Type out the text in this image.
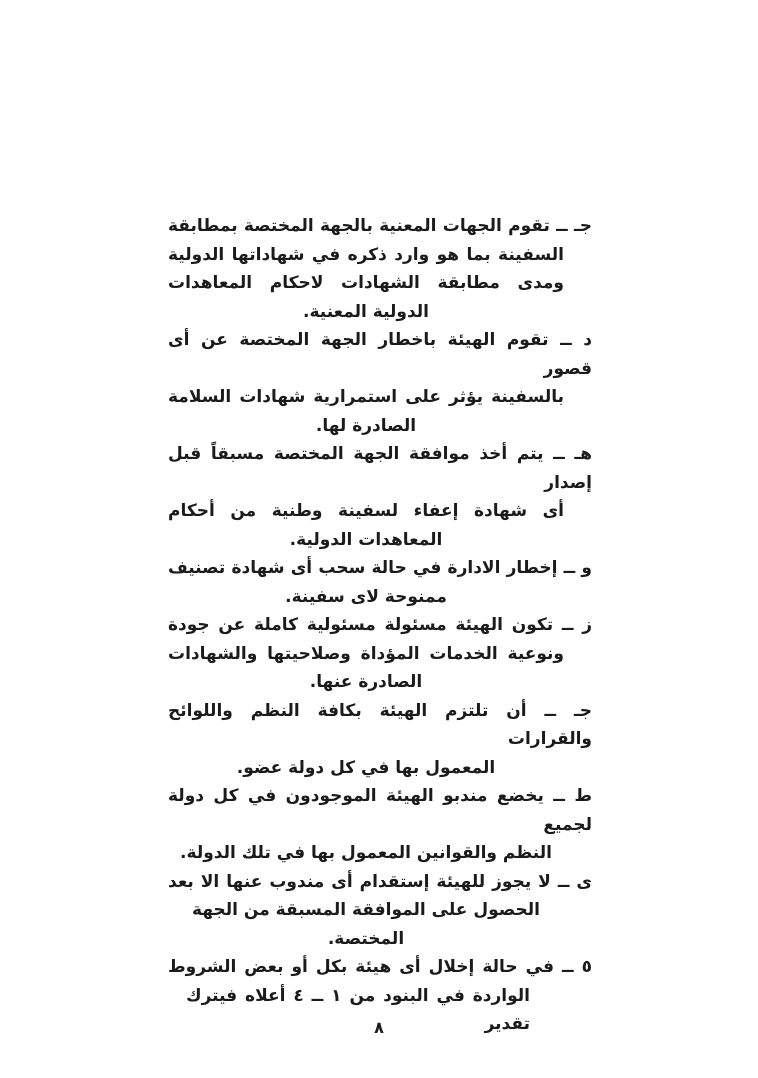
جـ ــ تقوم الجهات المعنية بالجهة المختصة بمطابقة
السفينة بما هو وارد ذكره في شهاداتها الدولية
ومدى مطابقة الشهادات لاحكام المعاهدات
الدولية المعنية.
د ــ تقوم الهيئة باخطار الجهة المختصة عن أى قصور
بالسفينة يؤثر على استمرارية شهادات السلامة
الصادرة لها.
هـ ــ يتم أخذ موافقة الجهة المختصة مسبقاً قبل إصدار
أى شهادة إعفاء لسفينة وطنية من أحكام
المعاهدات الدولية.
و ــ إخطار الادارة في حالة سحب أى شهادة تصنيف
ممنوحة لاى سفينة.
ز ــ تكون الهيئة مسئولة مسئولية كاملة عن جودة
ونوعية الخدمات المؤداة وصلاحيتها والشهادات
الصادرة عنها.
جـ ــ أن تلتزم الهيئة بكافة النظم واللوائح والقرارات
المعمول بها في كل دولة عضو.
ط ــ يخضع مندبو الهيئة الموجودون في كل دولة لجميع
النظم والقوانين المعمول بها في تلك الدولة.
ى ــ لا يجوز للهيئة إستقدام أى مندوب عنها الا بعد
الحصول على الموافقة المسبقة من الجهة المختصة.
٥ ــ في حالة إخلال أى هيئة بكل أو بعض الشروط
الواردة في البنود من ١ ــ ٤ أعلاه فيترك تقدير
٨
